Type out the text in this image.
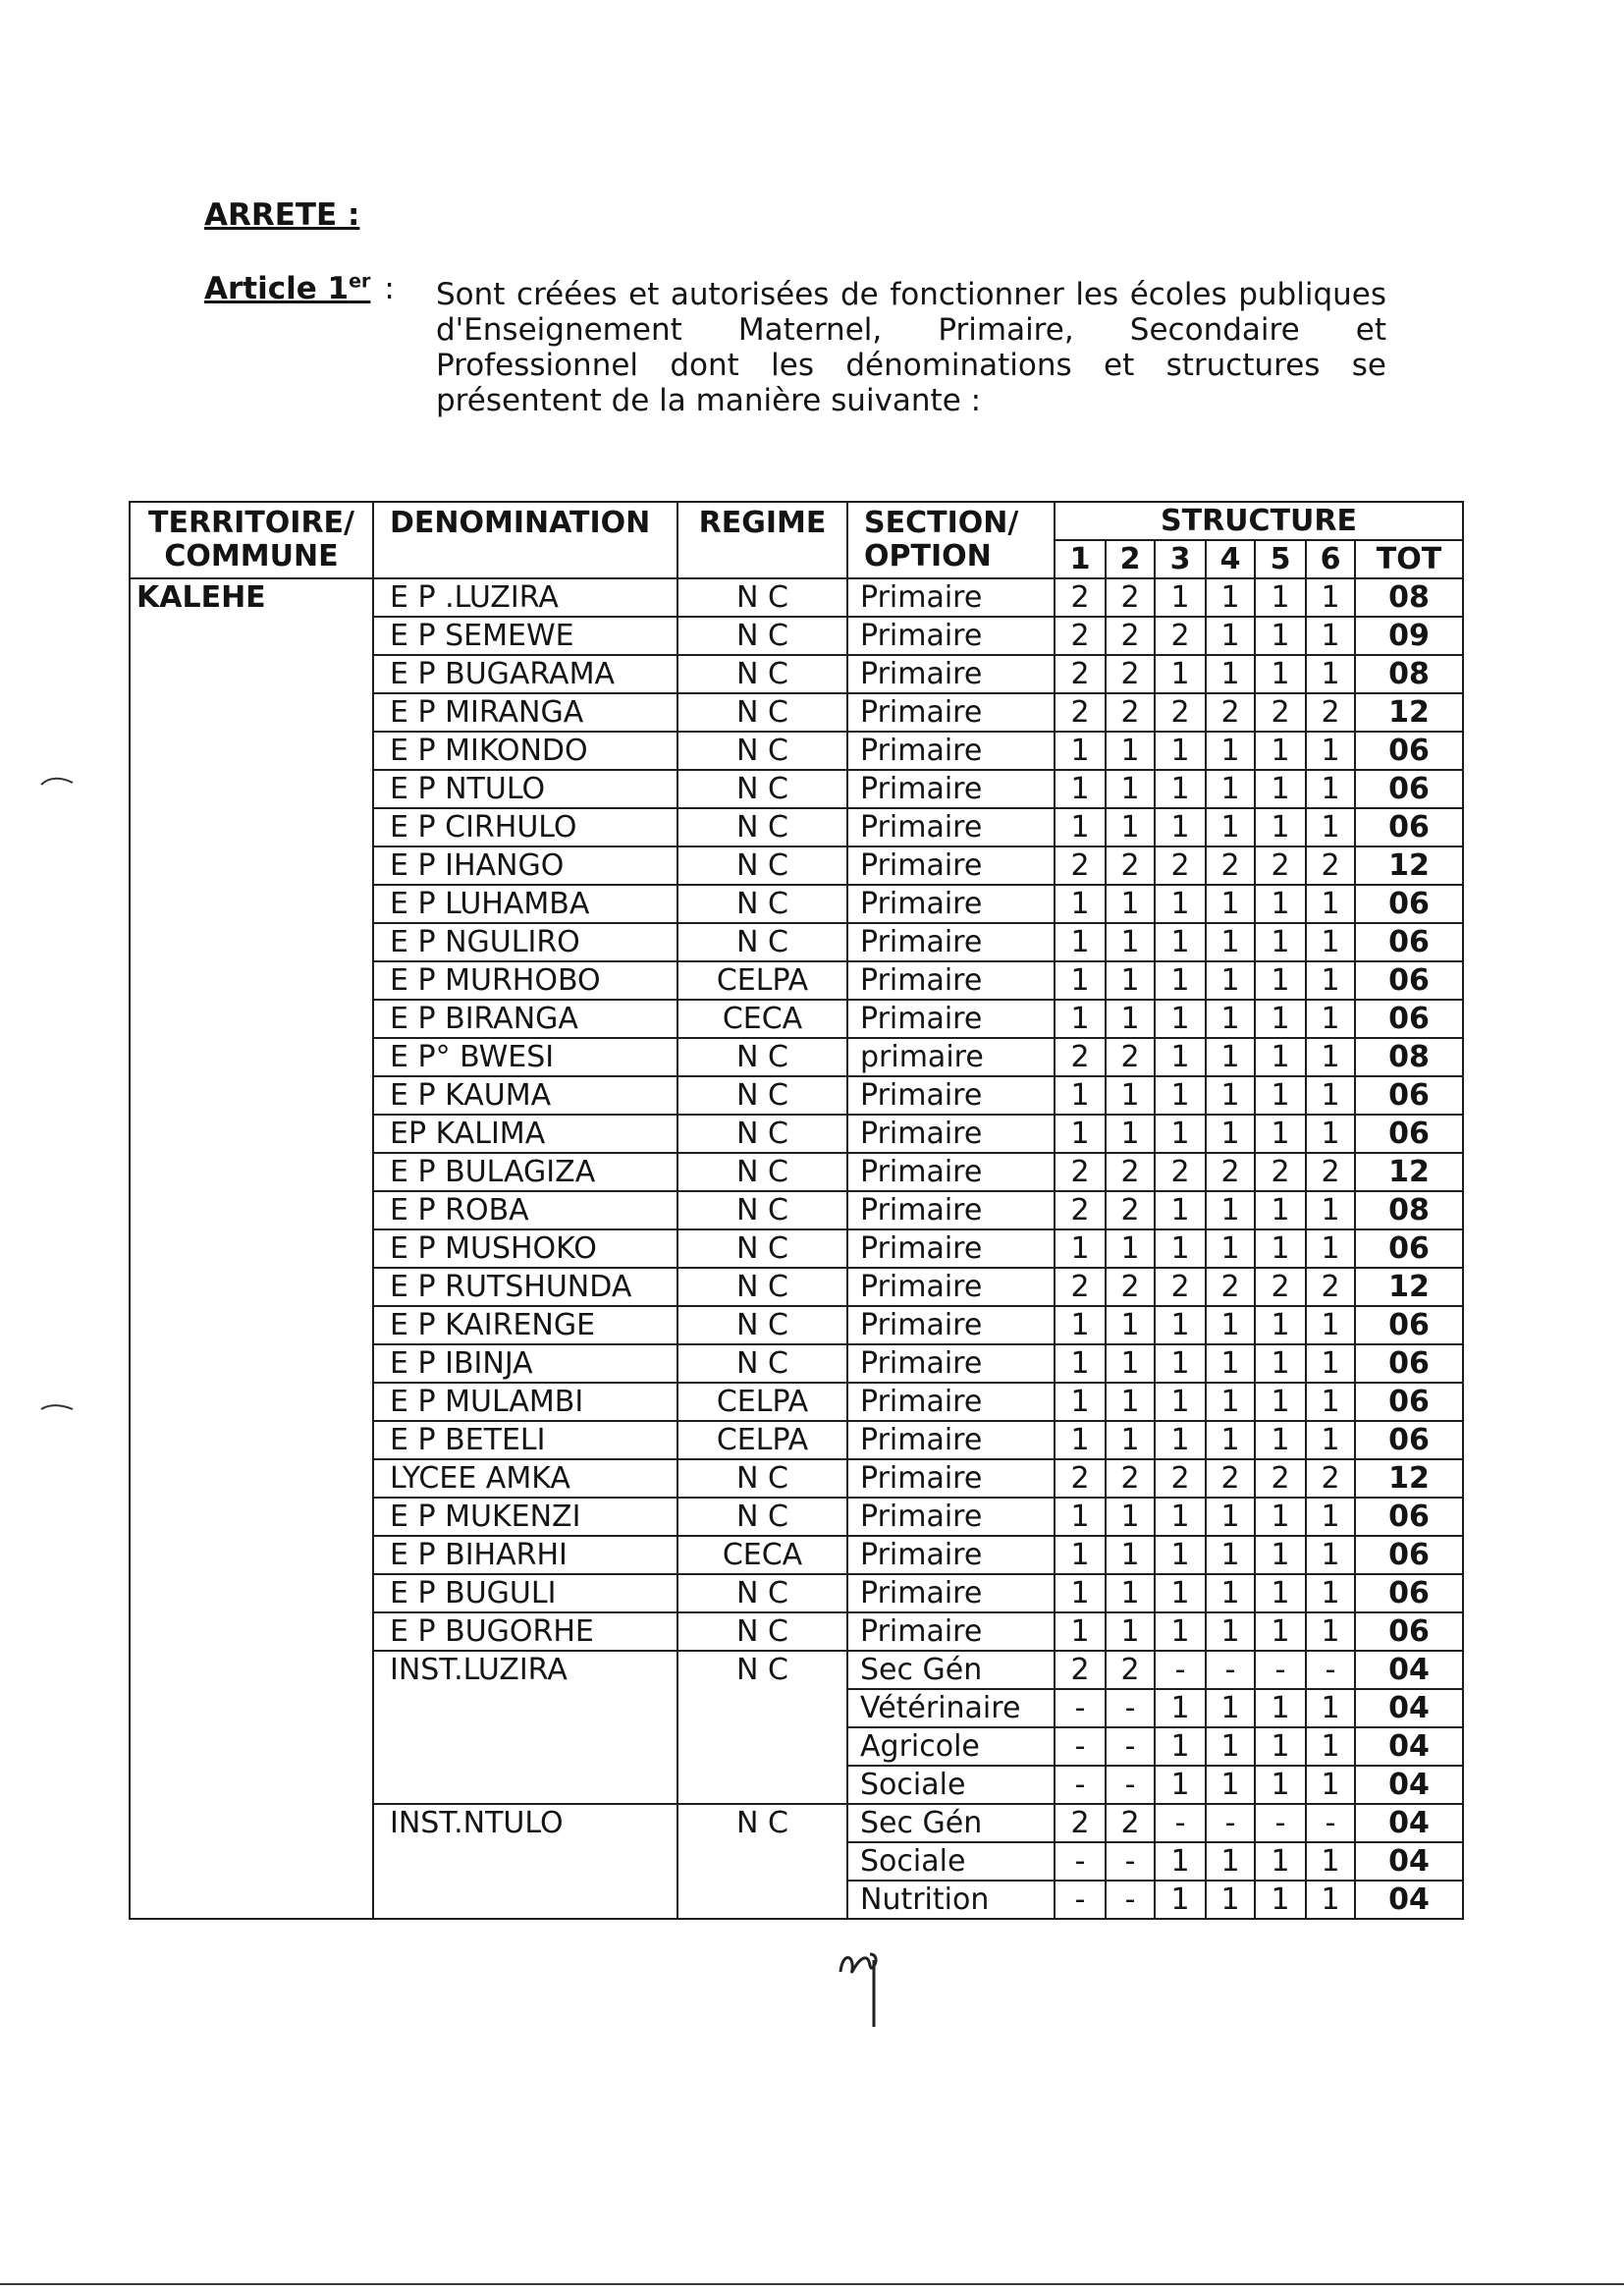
ARRETE :
Article 1er : Sont créées et autorisées de fonctionner les écoles publiques d'Enseignement Maternel, Primaire, Secondaire et Professionnel dont les dénominations et structures se présentent de la manière suivante :
TERRITOIRE/ COMMUNE	DENOMINATION	REGIME	SECTION/ OPTION	STRUCTURE						
				1	2	3	4	5	6	TOT
KALEHE	E P .LUZIRA	N C	Primaire	2	2	1	1	1	1	08
	E P SEMEWE	N C	Primaire	2	2	2	1	1	1	09
	E P BUGARAMA	N C	Primaire	2	2	1	1	1	1	08
	E P MIRANGA	N C	Primaire	2	2	2	2	2	2	12
	E P MIKONDO	N C	Primaire	1	1	1	1	1	1	06
	E P NTULO	N C	Primaire	1	1	1	1	1	1	06
	E P CIRHULO	N C	Primaire	1	1	1	1	1	1	06
	E P IHANGO	N C	Primaire	2	2	2	2	2	2	12
	E P LUHAMBA	N C	Primaire	1	1	1	1	1	1	06
	E P NGULIRO	N C	Primaire	1	1	1	1	1	1	06
	E P MURHOBO	CELPA	Primaire	1	1	1	1	1	1	06
	E P BIRANGA	CECA	Primaire	1	1	1	1	1	1	06
	E P° BWESI	N C	primaire	2	2	1	1	1	1	08
	E P KAUMA	N C	Primaire	1	1	1	1	1	1	06
	EP KALIMA	N C	Primaire	1	1	1	1	1	1	06
	E P BULAGIZA	N C	Primaire	2	2	2	2	2	2	12
	E P ROBA	N C	Primaire	2	2	1	1	1	1	08
	E P MUSHOKO	N C	Primaire	1	1	1	1	1	1	06
	E P RUTSHUNDA	N C	Primaire	2	2	2	2	2	2	12
	E P KAIRENGE	N C	Primaire	1	1	1	1	1	1	06
	E P IBINJA	N C	Primaire	1	1	1	1	1	1	06
	E P MULAMBI	CELPA	Primaire	1	1	1	1	1	1	06
	E P BETELI	CELPA	Primaire	1	1	1	1	1	1	06
	LYCEE AMKA	N C	Primaire	2	2	2	2	2	2	12
	E P MUKENZI	N C	Primaire	1	1	1	1	1	1	06
	E P BIHARHI	CECA	Primaire	1	1	1	1	1	1	06
	E P BUGULI	N C	Primaire	1	1	1	1	1	1	06
	E P BUGORHE	N C	Primaire	1	1	1	1	1	1	06
	INST.LUZIRA	N C	Sec Gén	2	2	-	-	-	-	04
			Vétérinaire	-	-	1	1	1	1	04
			Agricole	-	-	1	1	1	1	04
			Sociale	-	-	1	1	1	1	04
	INST.NTULO	N C	Sec Gén	2	2	-	-	-	-	04
			Sociale	-	-	1	1	1	1	04
			Nutrition	-	-	1	1	1	1	04
